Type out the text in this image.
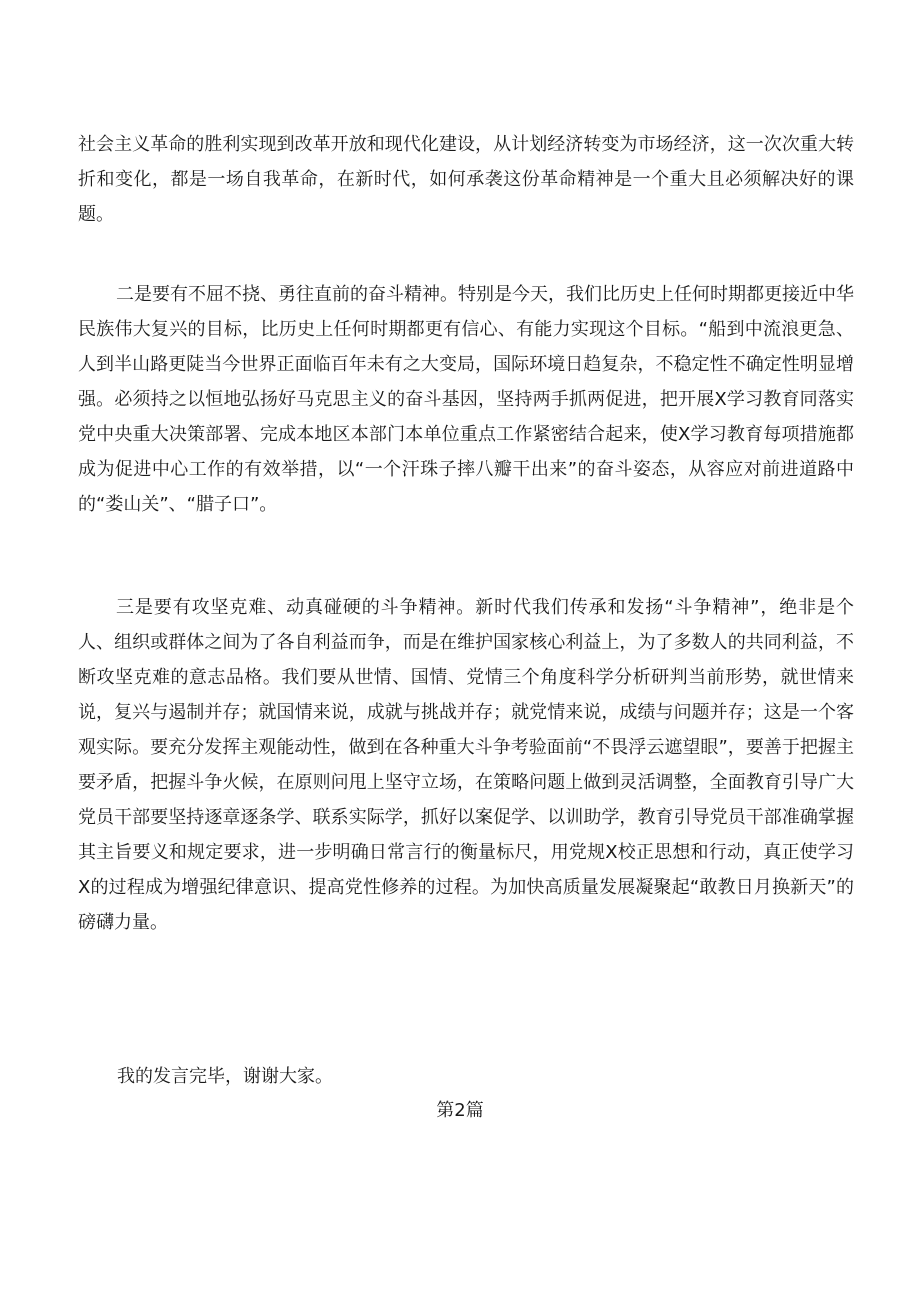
社会主义革命的胜利实现到改革开放和现代化建设，从计划经济转变为市场经济，这一次次重大转折和变化，都是一场自我革命，在新时代，如何承袭这份革命精神是一个重大且必须解决好的课题。

二是要有不屈不挠、勇往直前的奋斗精神。特别是今天，我们比历史上任何时期都更接近中华民族伟大复兴的目标，比历史上任何时期都更有信心、有能力实现这个目标。“船到中流浪更急、人到半山路更陡当今世界正面临百年未有之大变局，国际环境日趋复杂，不稳定性不确定性明显增强。必须持之以恒地弘扬好马克思主义的奋斗基因，坚持两手抓两促进，把开展X学习教育同落实党中央重大决策部署、完成本地区本部门本单位重点工作紧密结合起来，使X学习教育每项措施都成为促进中心工作的有效举措，以“一个汗珠子摔八瓣干出来”的奋斗姿态，从容应对前进道路中的“娄山关”、“腊子口”。

三是要有攻坚克难、动真碰硬的斗争精神。新时代我们传承和发扬“斗争精神”，绝非是个人、组织或群体之间为了各自利益而争，而是在维护国家核心利益上，为了多数人的共同利益，不断攻坚克难的意志品格。我们要从世情、国情、党情三个角度科学分析研判当前形势，就世情来说，复兴与遏制并存；就国情来说，成就与挑战并存；就党情来说，成绩与问题并存；这是一个客观实际。要充分发挥主观能动性，做到在各种重大斗争考验面前“不畏浮云遮望眼”，要善于把握主要矛盾，把握斗争火候，在原则问甩上坚守立场，在策略问题上做到灵活调整，全面教育引导广大党员干部要坚持逐章逐条学、联系实际学，抓好以案促学、以训助学，教育引导党员干部准确掌握其主旨要义和规定要求，进一步明确日常言行的衡量标尺，用党规X校正思想和行动，真正使学习X的过程成为增强纪律意识、提高党性修养的过程。为加快高质量发展凝聚起“敢教日月换新天”的磅礴力量。

我的发言完毕，谢谢大家。

第2篇
